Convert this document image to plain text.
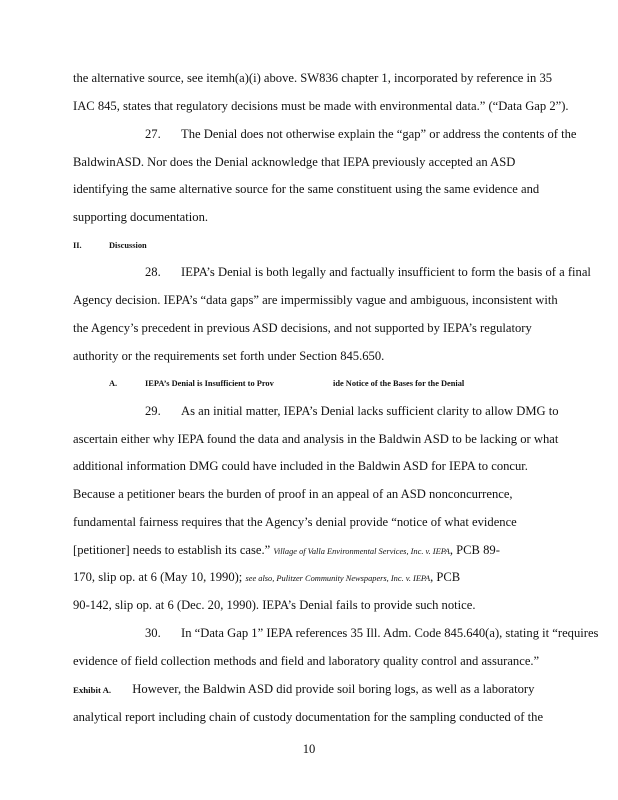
the alternative source, see itemh(a)(i) above. SW836 chapter 1, incorporated by reference in 35
IAC 845, states that regulatory decisions must be made with environmental data.” (“Data Gap 2”).
27. The Denial does not otherwise explain the “gap” or address the contents of the
BaldwinASD. Nor does the Denial acknowledge that IEPA previously accepted an ASD
identifying the same alternative source for the same constituent using the same evidence and
supporting documentation.
II.	Discussion
28. IEPA’s Denial is both legally and factually insufficient to form the basis of a final
Agency decision. IEPA’s “data gaps” are impermissibly vague and ambiguous, inconsistent with
the Agency’s precedent in previous ASD decisions, and not supported by IEPA’s regulatory
authority or the requirements set forth under Section 845.650.
A.	IEPA’s Denial is Insufficient to Prov	ide Notice of the Bases for the Denial
29. As an initial matter, IEPA’s Denial lacks sufficient clarity to allow DMG to
ascertain either why IEPA found the data and analysis in the Baldwin ASD to be lacking or what
additional information DMG could have included in the Baldwin ASD for IEPA to concur.
Because a petitioner bears the burden of proof in an appeal of an ASD nonconcurrence,
fundamental fairness requires that the Agency’s denial provide “notice of what evidence
[petitioner] needs to establish its case.” Village of Valla Environmental Services, Inc. v. IEPA, PCB 89-
170, slip op. at 6 (May 10, 1990); see also, Pulitzer Community Newspapers, Inc. v. IEPA, PCB
90-142, slip op. at 6 (Dec. 20, 1990). IEPA’s Denial fails to provide such notice.
30. In “Data Gap 1” IEPA references 35 Ill. Adm. Code 845.640(a), stating it “requires
evidence of field collection methods and field and laboratory quality control and assurance.”
Exhibit A. However, the Baldwin ASD did provide soil boring logs, as well as a laboratory
analytical report including chain of custody documentation for the sampling conducted of the
10
